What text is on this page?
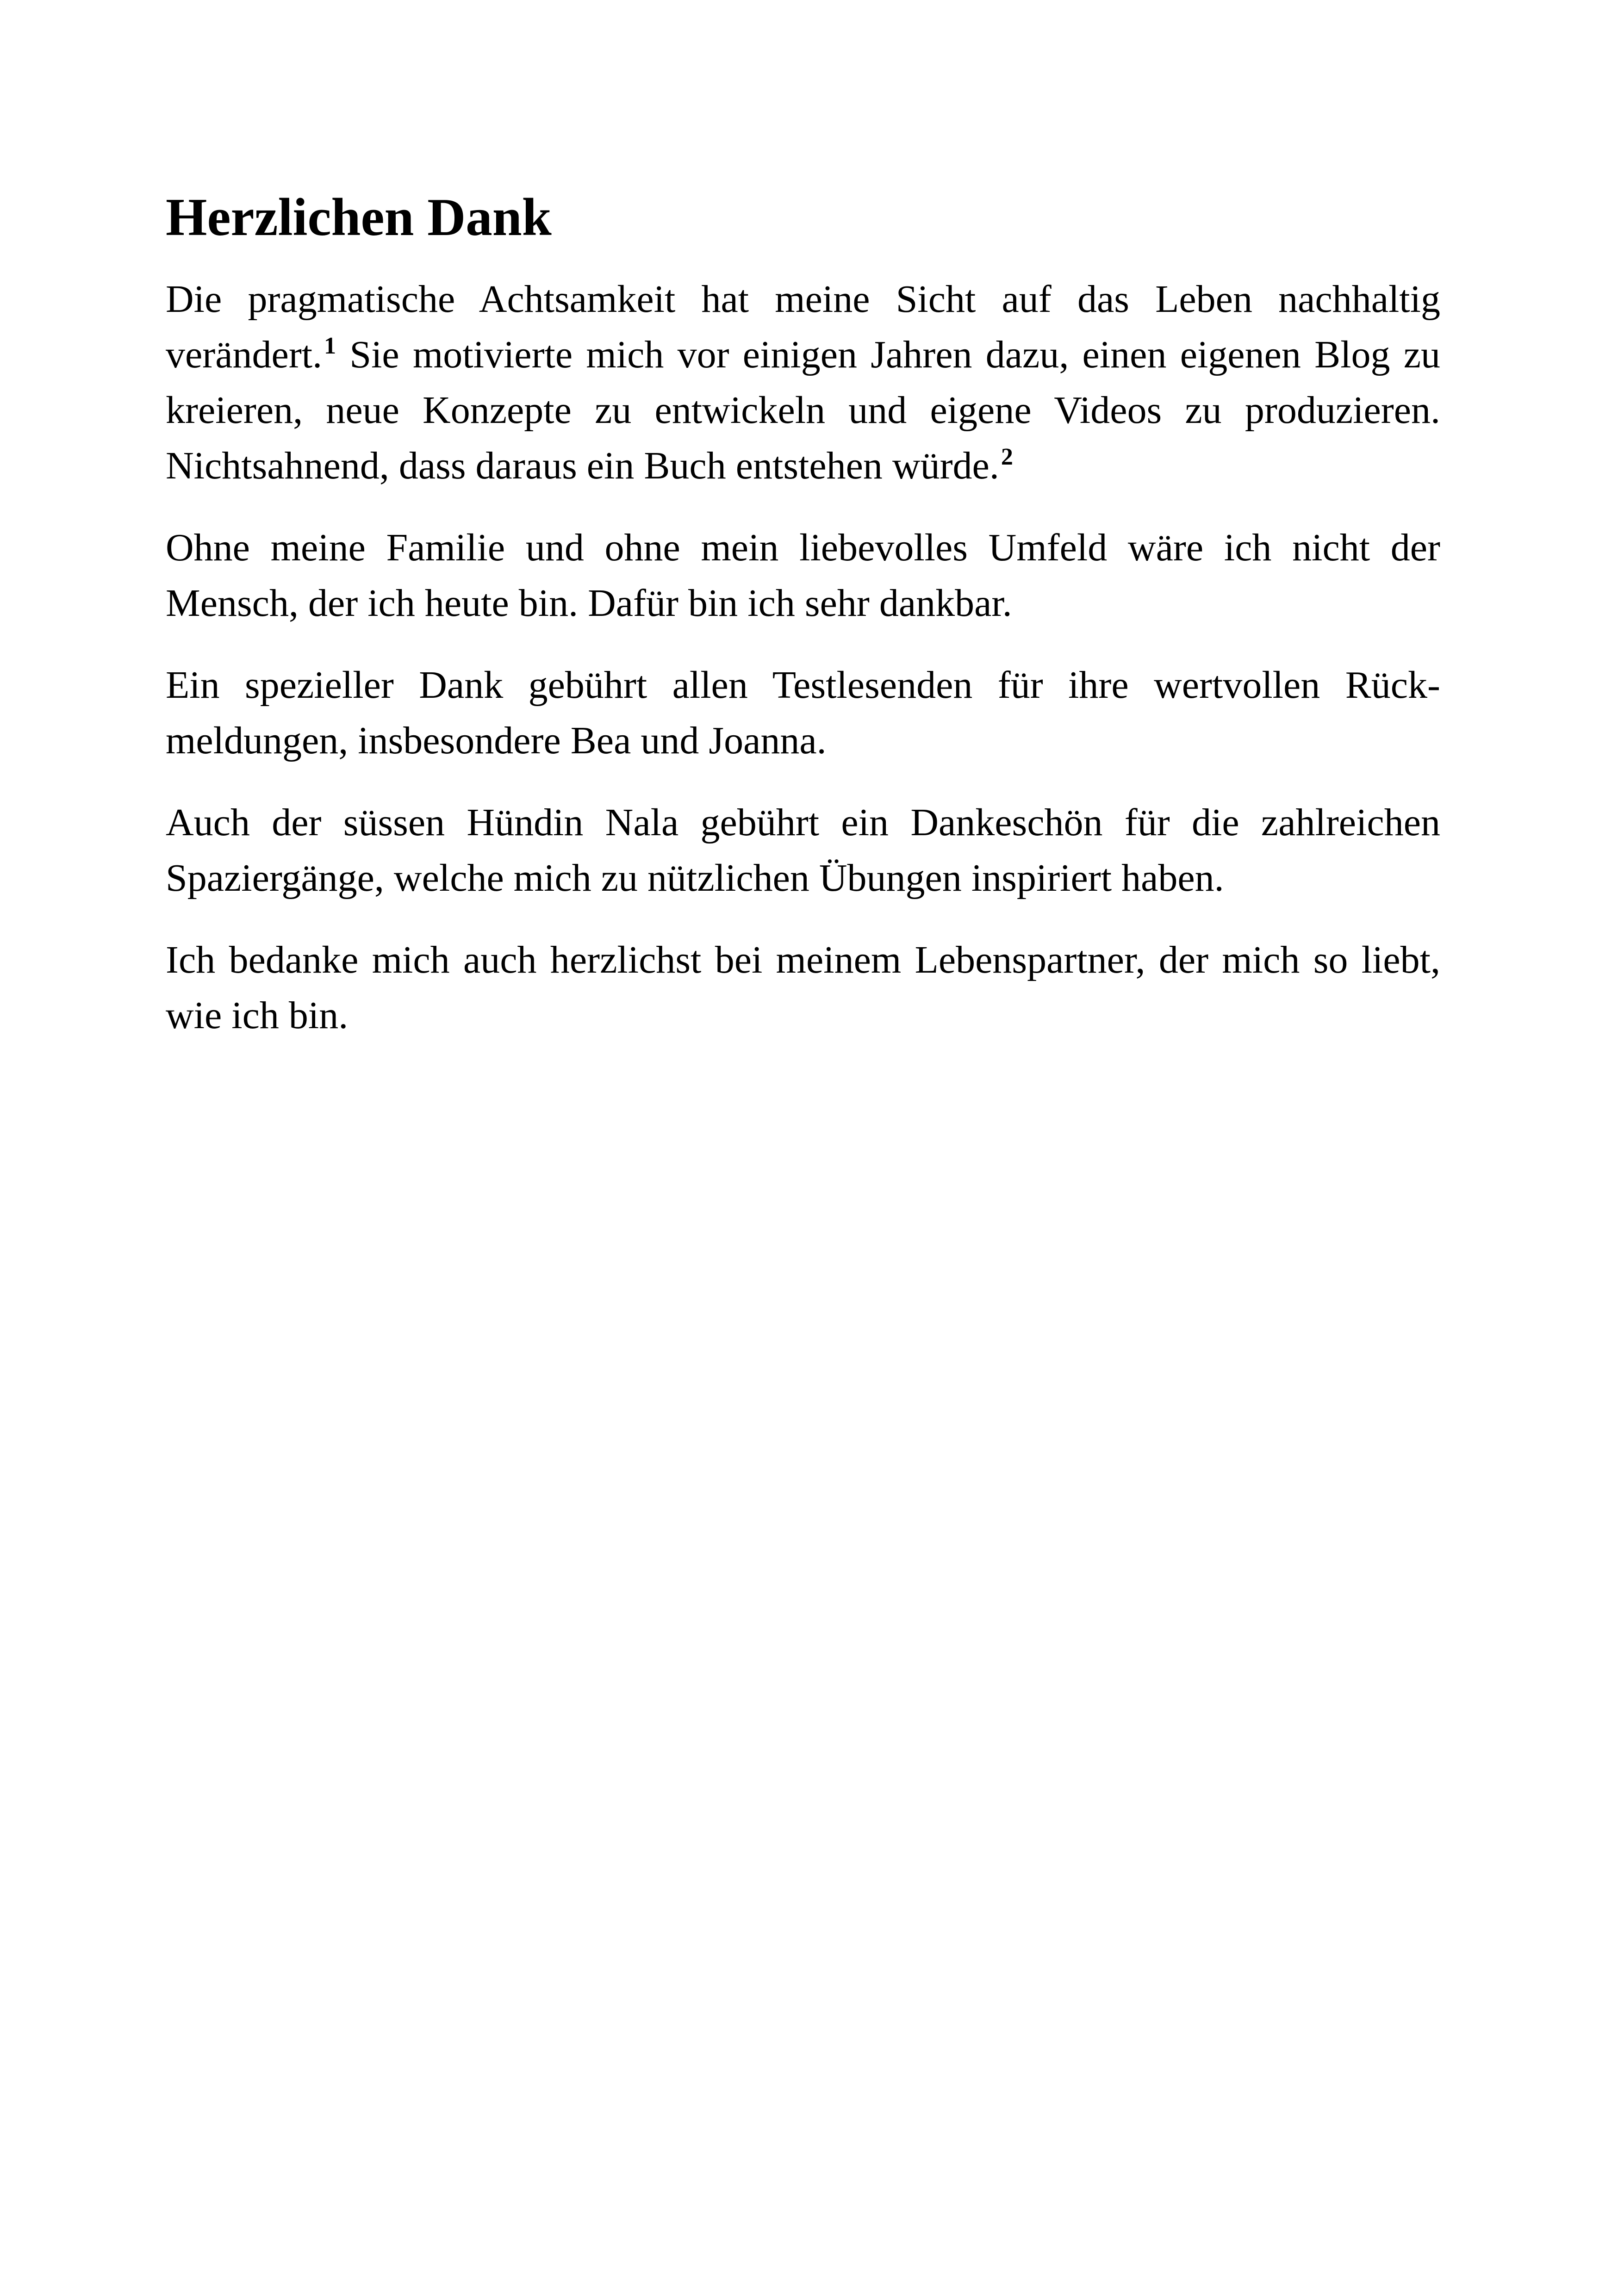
Herzlichen Dank

Die pragmatische Achtsamkeit hat meine Sicht auf das Leben nachhaltig verändert.$^1$ Sie motivierte mich vor einigen Jahren dazu, einen eigenen Blog zu kreieren, neue Konzepte zu entwickeln und eigene Videos zu produzieren. Nichtsahnend, dass daraus ein Buch entstehen würde.$^2$

Ohne meine Familie und ohne mein liebevolles Umfeld wäre ich nicht der Mensch, der ich heute bin. Dafür bin ich sehr dankbar.

Ein spezieller Dank gebührt allen Testlesenden für ihre wertvollen Rückmeldungen, insbesondere Bea und Joanna.

Auch der süssen Hündin Nala gebührt ein Dankeschön für die zahlreichen Spaziergänge, welche mich zu nützlichen Übungen inspiriert haben.

Ich bedanke mich auch herzlichst bei meinem Lebenspartner, der mich so liebt, wie ich bin.
